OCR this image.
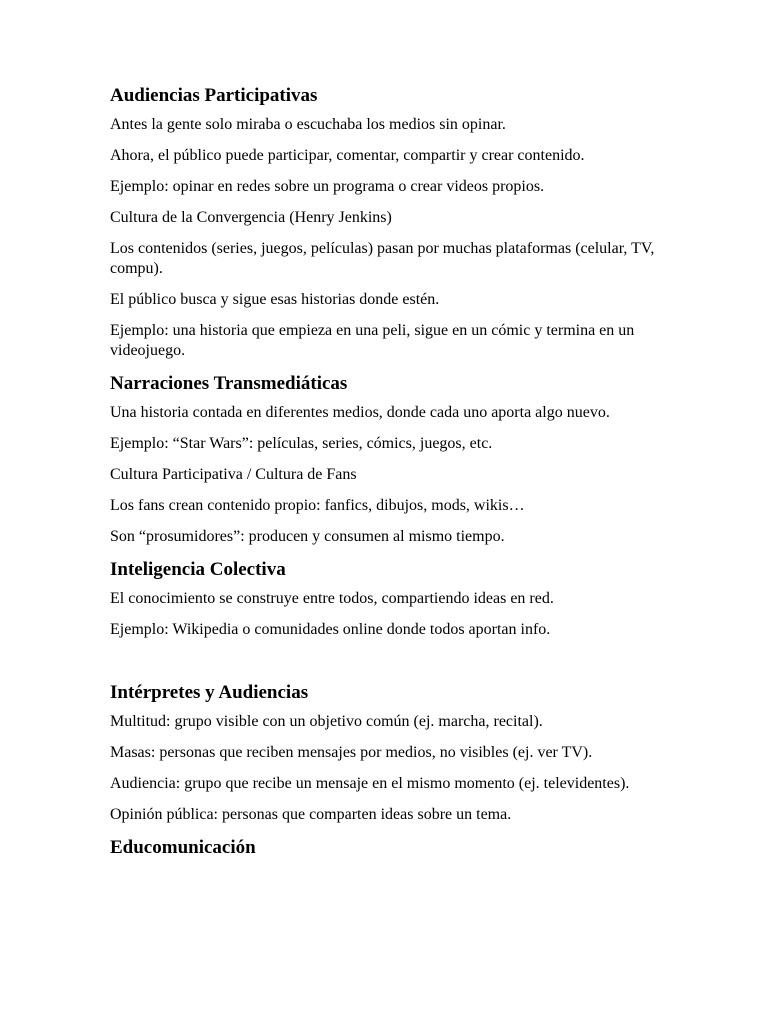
Audiencias Participativas
Antes la gente solo miraba o escuchaba los medios sin opinar.
Ahora, el público puede participar, comentar, compartir y crear contenido.
Ejemplo: opinar en redes sobre un programa o crear videos propios.
Cultura de la Convergencia (Henry Jenkins)
Los contenidos (series, juegos, películas) pasan por muchas plataformas (celular, TV, compu).
El público busca y sigue esas historias donde estén.
Ejemplo: una historia que empieza en una peli, sigue en un cómic y termina en un videojuego.
Narraciones Transmediáticas
Una historia contada en diferentes medios, donde cada uno aporta algo nuevo.
Ejemplo: “Star Wars”: películas, series, cómics, juegos, etc.
Cultura Participativa / Cultura de Fans
Los fans crean contenido propio: fanfics, dibujos, mods, wikis…
Son “prosumidores”: producen y consumen al mismo tiempo.
Inteligencia Colectiva
El conocimiento se construye entre todos, compartiendo ideas en red.
Ejemplo: Wikipedia o comunidades online donde todos aportan info.
Intérpretes y Audiencias
Multitud: grupo visible con un objetivo común (ej. marcha, recital).
Masas: personas que reciben mensajes por medios, no visibles (ej. ver TV).
Audiencia: grupo que recibe un mensaje en el mismo momento (ej. televidentes).
Opinión pública: personas que comparten ideas sobre un tema.
Educomunicación
